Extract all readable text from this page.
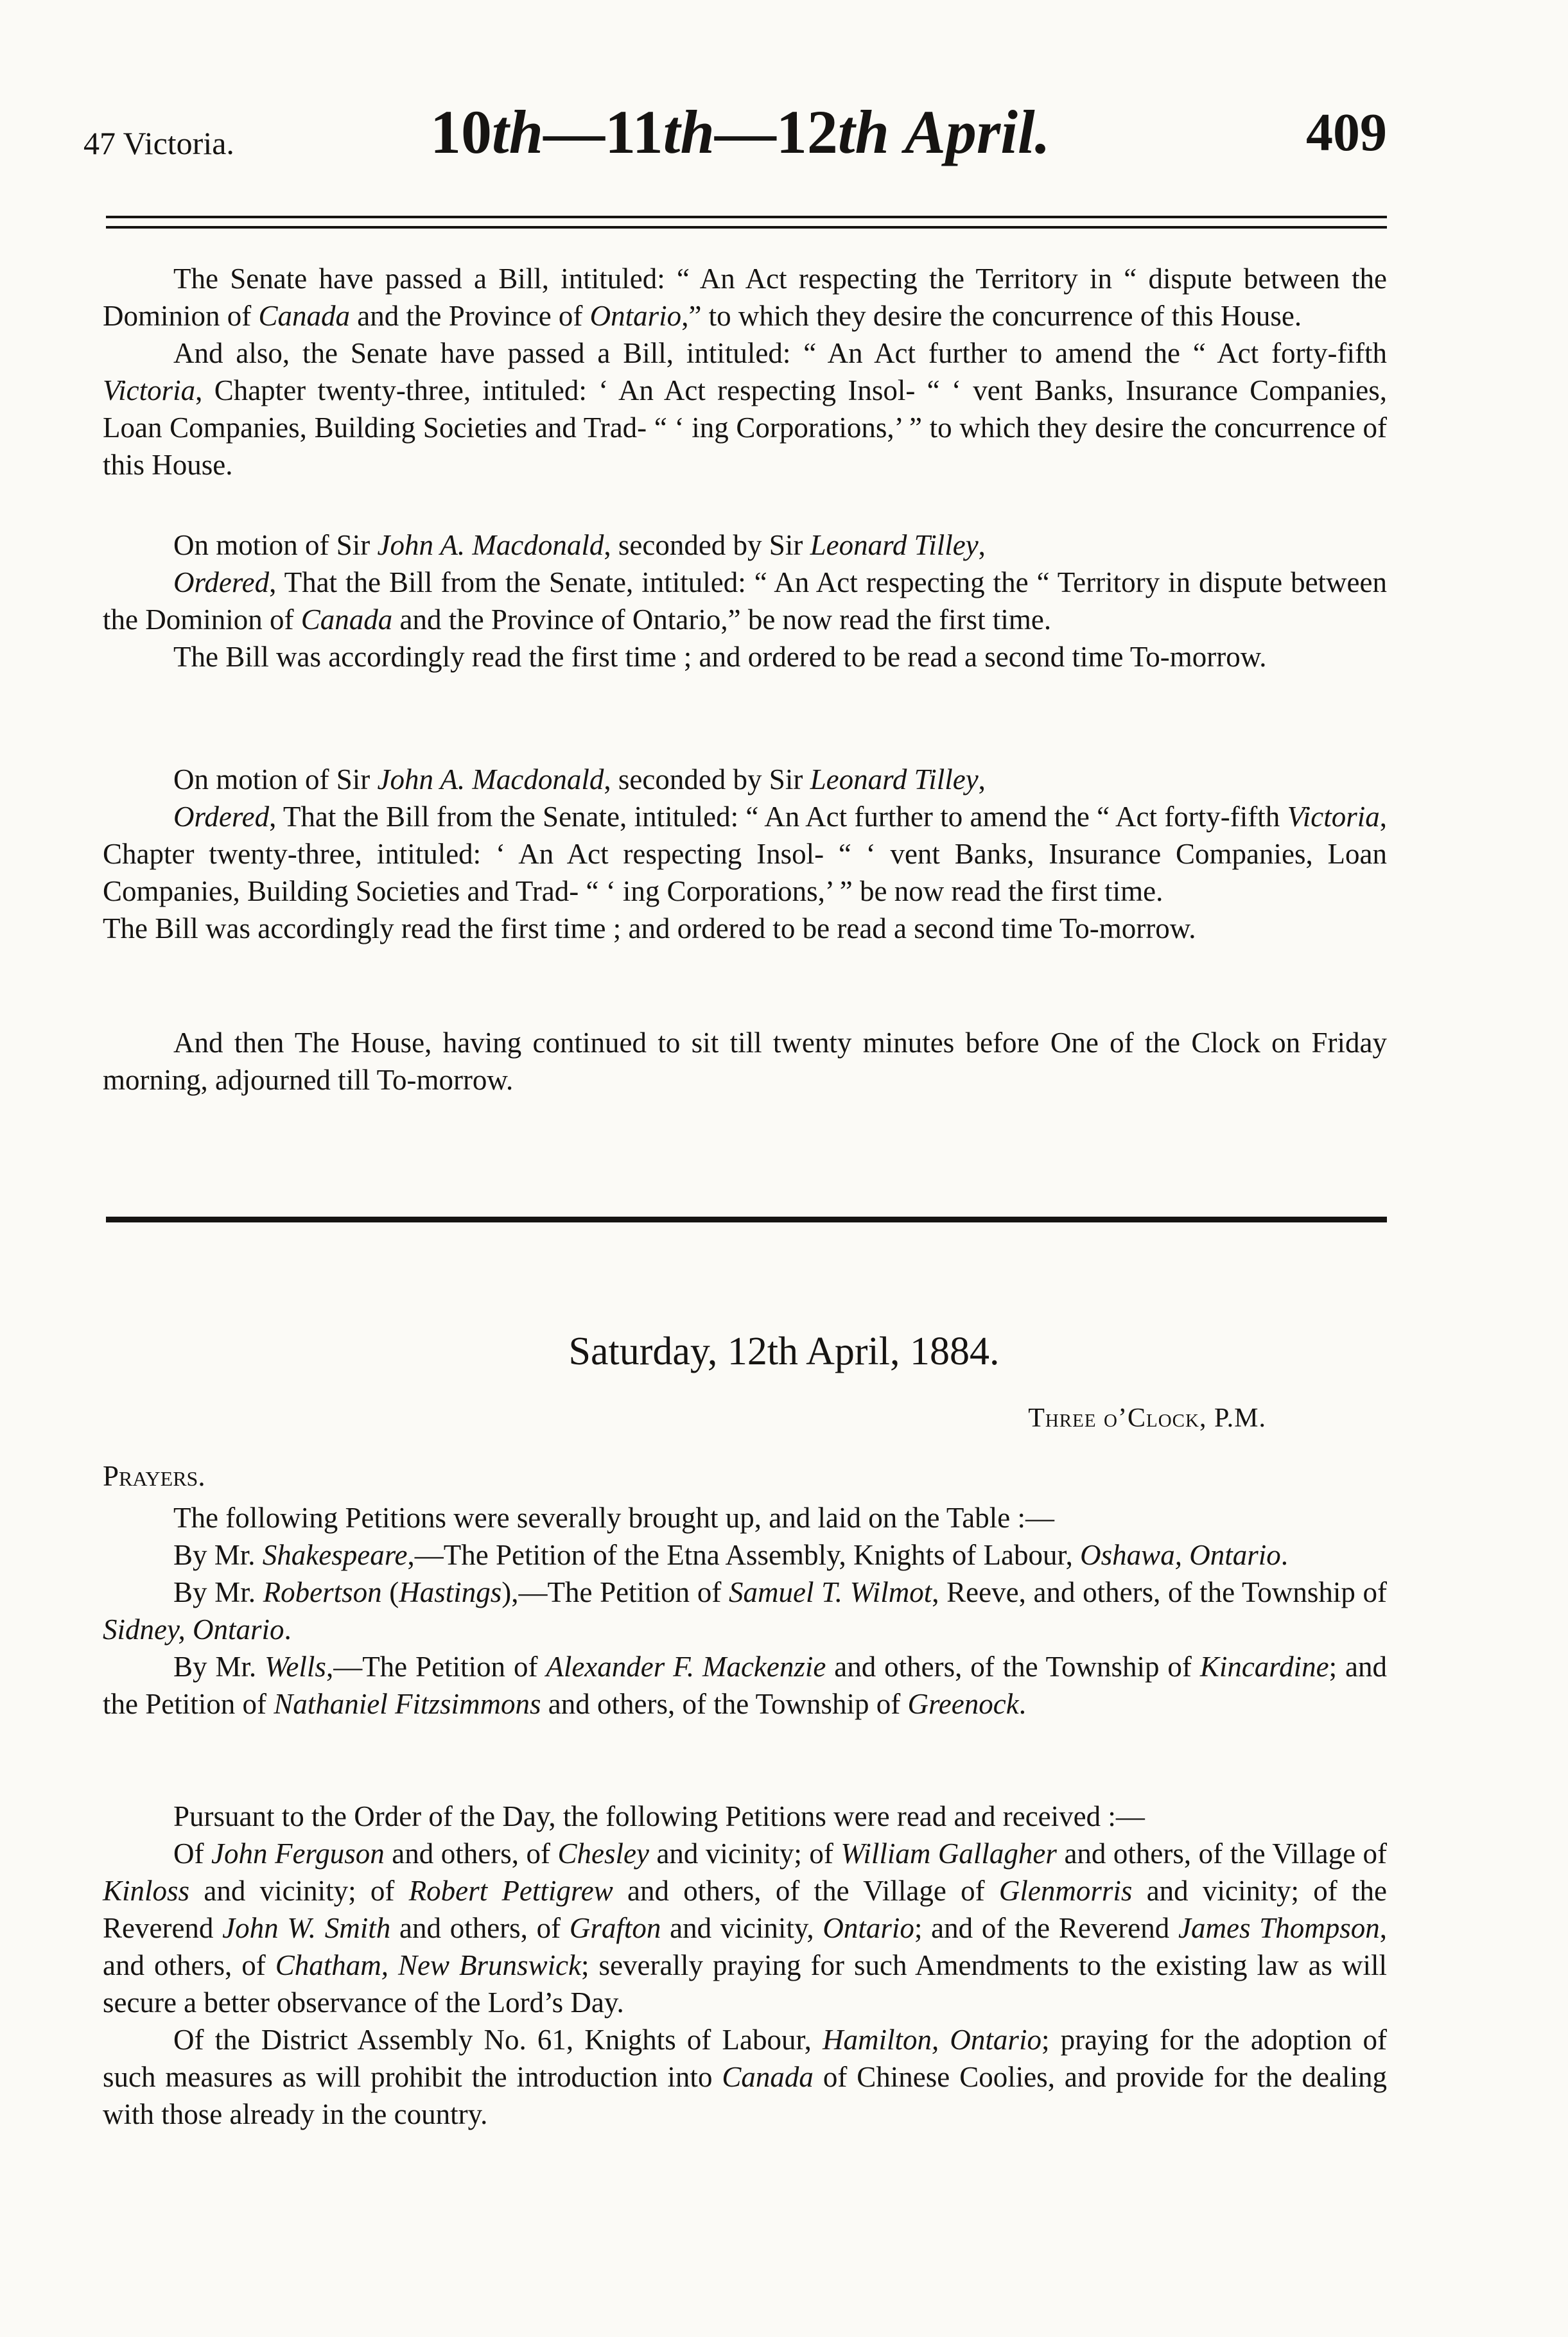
47 Victoria.	10th—11th—12th April.	409

The Senate have passed a Bill, intituled: “ An Act respecting the Territory in “ dispute between the Dominion of Canada and the Province of Ontario,” to which they desire the concurrence of this House.

And also, the Senate have passed a Bill, intituled: “ An Act further to amend the “ Act forty-fifth Victoria, Chapter twenty-three, intituled: ‘ An Act respecting Insol- “ ‘ vent Banks, Insurance Companies, Loan Companies, Building Societies and Trad- “ ‘ ing Corporations,’ ” to which they desire the concurrence of this House.

On motion of Sir John A. Macdonald, seconded by Sir Leonard Tilley,

Ordered, That the Bill from the Senate, intituled: “ An Act respecting the “ Territory in dispute between the Dominion of Canada and the Province of Ontario,” be now read the first time.

The Bill was accordingly read the first time ; and ordered to be read a second time To-morrow.

On motion of Sir John A. Macdonald, seconded by Sir Leonard Tilley,

Ordered, That the Bill from the Senate, intituled: “ An Act further to amend the “ Act forty-fifth Victoria, Chapter twenty-three, intituled: ‘ An Act respecting Insol- “ ‘ vent Banks, Insurance Companies, Loan Companies, Building Societies and Trad- “ ‘ ing Corporations,’ ” be now read the first time.

The Bill was accordingly read the first time ; and ordered to be read a second time To-morrow.

And then The House, having continued to sit till twenty minutes before One of the Clock on Friday morning, adjourned till To-morrow.

Saturday, 12th April, 1884.
Three o’Clock, P.M.
Prayers.

The following Petitions were severally brought up, and laid on the Table :—

By Mr. Shakespeare,—The Petition of the Etna Assembly, Knights of Labour, Oshawa, Ontario.

By Mr. Robertson (Hastings),—The Petition of Samuel T. Wilmot, Reeve, and others, of the Township of Sidney, Ontario.

By Mr. Wells,—The Petition of Alexander F. Mackenzie and others, of the Township of Kincardine; and the Petition of Nathaniel Fitzsimmons and others, of the Township of Greenock.

Pursuant to the Order of the Day, the following Petitions were read and received :—

Of John Ferguson and others, of Chesley and vicinity; of William Gallagher and others, of the Village of Kinloss and vicinity; of Robert Pettigrew and others, of the Village of Glenmorris and vicinity; of the Reverend John W. Smith and others, of Grafton and vicinity, Ontario; and of the Reverend James Thompson, and others, of Chatham, New Brunswick; severally praying for such Amendments to the existing law as will secure a better observance of the Lord’s Day.

Of the District Assembly No. 61, Knights of Labour, Hamilton, Ontario; praying for the adoption of such measures as will prohibit the introduction into Canada of Chinese Coolies, and provide for the dealing with those already in the country.
